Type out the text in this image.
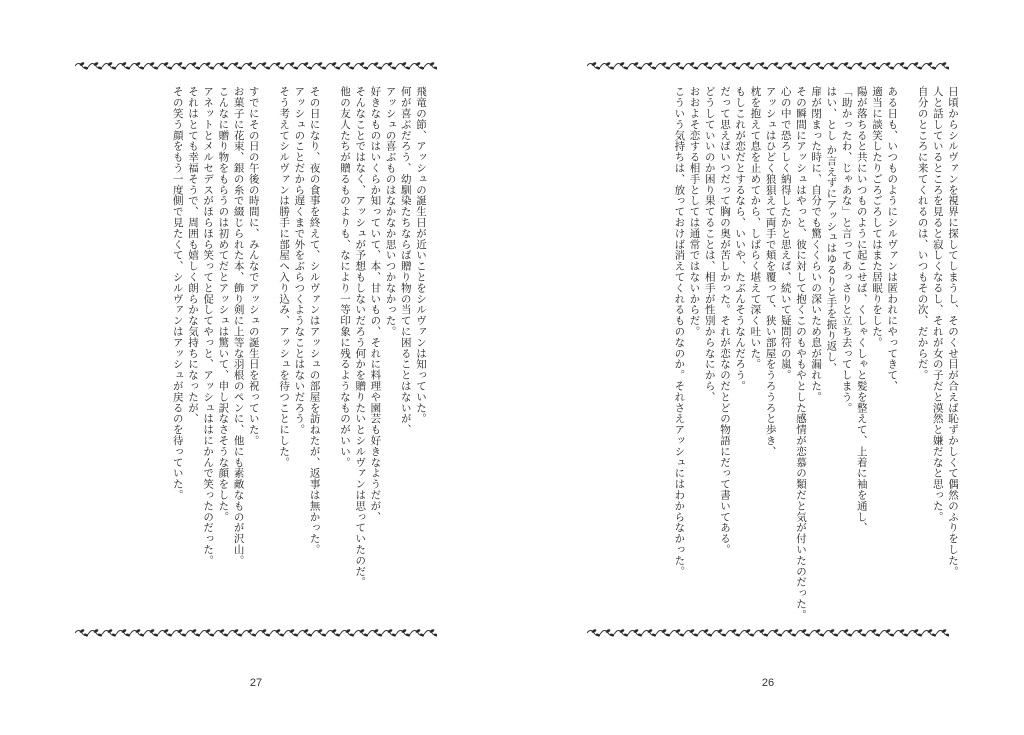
飛竜の節、アッシュの誕生日が近いことをシルヴァンは知っていた。
何が喜ぶだろう、幼馴染たちならば贈り物の当てに困ることはないが、
アッシュの喜ぶものはなかなか思いつかなかった。
好きなものはいくらか知っていて、本、甘いもの、それに料理や園芸も好きなようだが、
そんなことではなく、アッシュが予想もしないだろう何かを贈りたいとシルヴァンは思っていたのだ。
他の友人たちが贈るものよりも、なにより一等印象に残るようなものがいい。

その日になり、夜の食事を終えて、シルヴァンはアッシュの部屋を訪ねたが、返事は無かった。
アッシュのことだから遅くまで外をぶらつくようなことはないだろう。
そう考えてシルヴァンは勝手に部屋へ入り込み、アッシュを待つことにした。

すでにその日の午後の時間に、みんなでアッシュの誕生日を祝っていた。
お菓子に花束、銀の糸で綴じられた本、飾り剣に上等な羽根のペンに、他にも素敵なものが沢山。
こんなに贈り物をもらうのは初めてだとアッシュは驚いて、申し訳なさそうな顔をした。
アネットとメルセデスがほらほら笑ってと促してやっと、アッシュははにかんで笑ったのだった。
それはとても幸福そうで、周囲も嬉しく朗らかな気持ちになったが、
その笑う顔をもう一度側で見たくて、シルヴァンはアッシュが戻るのを待っていた。
27
日頃からシルヴァンを視界に探してしまうし、そのくせ目が合えば恥ずかしくて偶然のふりをした。
人と話しているところを見ると寂しくなるし、それが女の子だと漠然と嫌だなと思った。
自分のところに来てくれるのは、いつもその次、だからだ。

ある日も、いつものようにシルヴァンは匿われにやってきて、
適当に談笑したりごろごろしてはまた居眠りをした。
陽が落ちると共にいつものように起こせば、くしゃくしゃと髪を整えて、上着に袖を通し、
「助かったわ、じゃあな」と言ってあっさりと立ち去ってしまう。
はい、とし か言えずにアッシュはゆるりと手を振り返し、
扉が閉まった時に、自分でも驚くくらいの深いため息が漏れた。
その瞬間にアッシュはやっと、彼に対して抱くこのもやもやとした感情が恋慕の類だと気が付いたのだった。
心の中で恐ろしく納得したかと思えば、続いて疑問符の嵐。
アッシュはひどく狼狽えて両手で頬を覆って、狭い部屋をうろうろと歩き、
枕を抱えて息を止めてから、しばらく堪えて深く吐いた。
もしこれが恋だとするなら、いいや、たぶんそうなんだろう。
だって思えばいつだって胸の奥が苦しかった。それが恋なのだとどの物語にだって書いてある。
どうしていいのか困り果てることは、相手が性別からなにから、
おおよそ恋する相手としては通常ではないからだ。
こういう気持ちは、放っておけば消えてくれるものなのか。それさえアッシュにはわからなかった。
26
